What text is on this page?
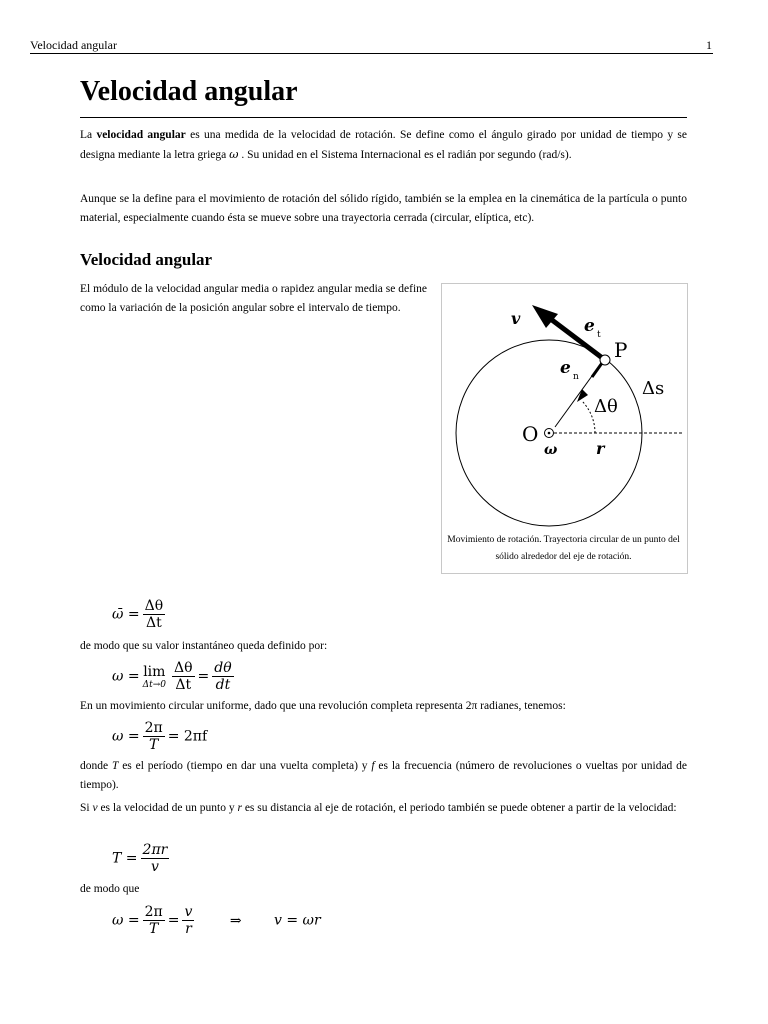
Velocidad angular	1
Velocidad angular
La velocidad angular es una medida de la velocidad de rotación. Se define como el ángulo girado por unidad de tiempo y se designa mediante la letra griega ω . Su unidad en el Sistema Internacional es el radián por segundo (rad/s).
Aunque se la define para el movimiento de rotación del sólido rígido, también se la emplea en la cinemática de la partícula o punto material, especialmente cuando ésta se mueve sobre una trayectoria cerrada (circular, elíptica, etc).
Velocidad angular
El módulo de la velocidad angular media o rapidez angular media se define como la variación de la posición angular sobre el intervalo de tiempo.
v	e t
P
e n
Δs
Δθ
O
ω r
Movimiento de rotación. Trayectoria circular de un punto del sólido alrededor del eje de rotación.
ω̄ = $\frac{\Delta\theta}{\Delta t}$
de modo que su valor instantáneo queda definido por:
ω = lim
$\Delta t\to 0 \frac{\Delta\theta}{\Delta t} = \frac{d\theta}{dt}$
En un movimiento circular uniforme, dado que una revolución completa representa 2π radianes, tenemos:
$\omega = \frac{2\pi}{T} = 2\pi f$
donde T es el período (tiempo en dar una vuelta completa) y f es la frecuencia (número de revoluciones o vueltas por unidad de tiempo).
Si v es la velocidad de un punto y r es su distancia al eje de rotación, el periodo también se puede obtener a partir de la velocidad:
$T = \frac{2\pi r}{v}$
de modo que
$\omega = \frac{2\pi}{T} = \frac{v}{r}$	⇒ v = ωr
